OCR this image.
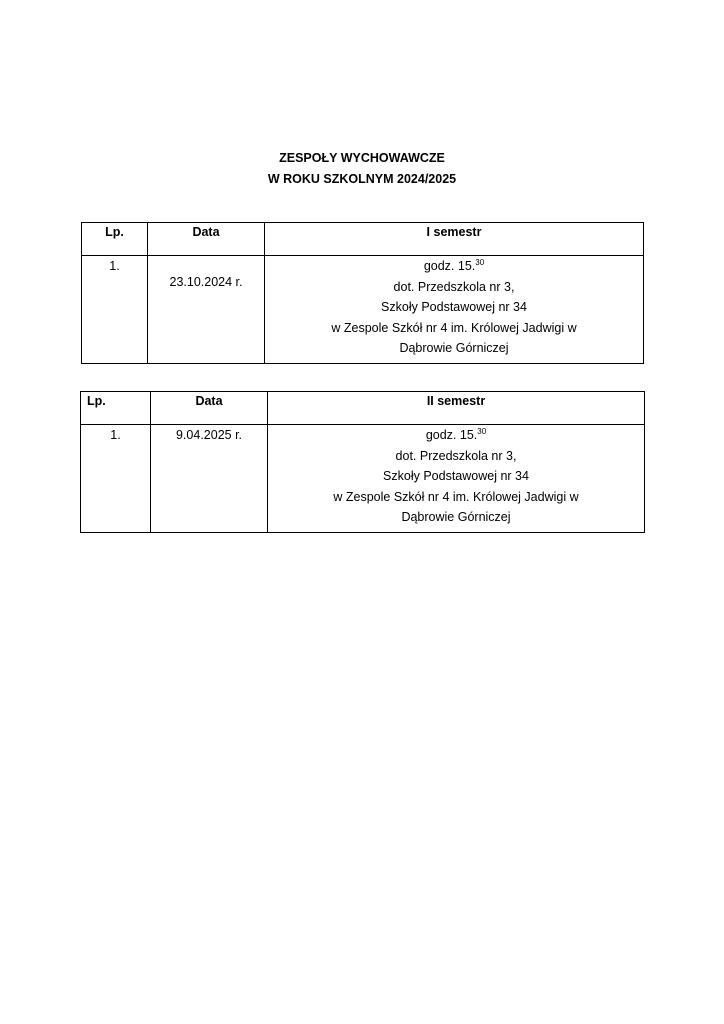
ZESPOŁY WYCHOWAWCZE
W ROKU SZKOLNYM 2024/2025
Lp.	Data	I semestr
1.	23.10.2024 r.	godz. 15.30
dot. Przedszkola nr 3,
Szkoły Podstawowej nr 34
w Zespole Szkół nr 4 im. Królowej Jadwigi w
Dąbrowie Górniczej
Lp.	Data	II semestr
1.	9.04.2025 r.	godz. 15.30
dot. Przedszkola nr 3,
Szkoły Podstawowej nr 34
w Zespole Szkół nr 4 im. Królowej Jadwigi w
Dąbrowie Górniczej
